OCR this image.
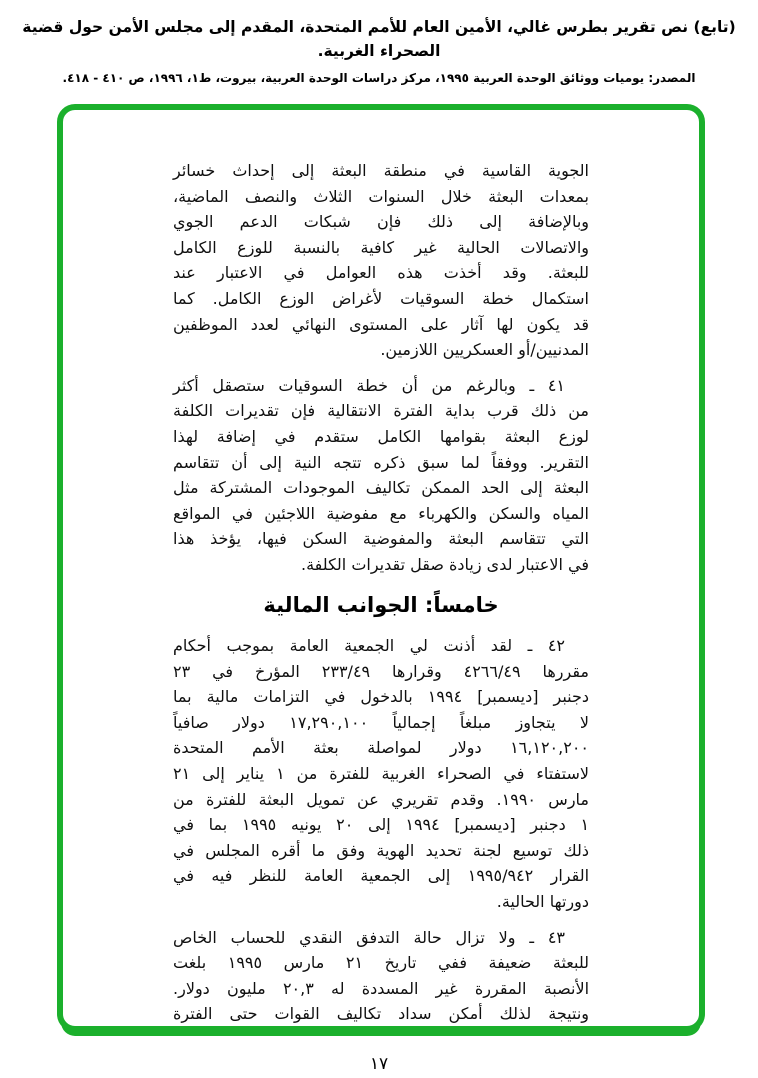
(تابع) نص تقرير بطرس غالي، الأمين العام للأمم المتحدة، المقدم إلى مجلس الأمن حول قضية الصحراء الغربية.
المصدر: يوميات ووثائق الوحدة العربية ١٩٩٥، مركز دراسات الوحدة العربية، بيروت، ط١، ١٩٩٦، ص ٤١٠ - ٤١٨.
الجوية القاسية في منطقة البعثة إلى إحداث خسائر
بمعدات البعثة خلال السنوات الثلاث والنصف الماضية،
وبالإضافة إلى ذلك فإن شبكات الدعم الجوي
والاتصالات الحالية غير كافية بالنسبة للوزع الكامل
للبعثة. وقد أخذت هذه العوامل في الاعتبار عند
استكمال خطة السوقيات لأغراض الوزع الكامل. كما
قد يكون لها آثار على المستوى النهائي لعدد الموظفين
المدنيين/أو العسكريين اللازمين.
٤١ ـ وبالرغم من أن خطة السوقيات ستصقل أكثر
من ذلك قرب بداية الفترة الانتقالية فإن تقديرات الكلفة
لوزع البعثة بقوامها الكامل ستقدم في إضافة لهذا
التقرير. ووفقاً لما سبق ذكره تتجه النية إلى أن تتقاسم
البعثة إلى الحد الممكن تكاليف الموجودات المشتركة مثل
المياه والسكن والكهرباء مع مفوضية اللاجئين في المواقع
التي تتقاسم البعثة والمفوضية السكن فيها، يؤخذ هذا
في الاعتبار لدى زيادة صقل تقديرات الكلفة.
خامساً: الجوانب المالية
٤٢ ـ لقد أذنت لي الجمعية العامة بموجب أحكام
مقررها ٤٢٦٦/٤٩ وقرارها ٢٣٣/٤٩ المؤرخ في ٢٣
دجنبر [ديسمبر] ١٩٩٤ بالدخول في التزامات مالية بما
لا يتجاوز مبلغاً إجمالياً ١٧,٢٩٠,١٠٠ دولار صافياً
١٦,١٢٠,٢٠٠ دولار لمواصلة بعثة الأمم المتحدة
لاستفتاء في الصحراء الغربية للفترة من ١ يناير إلى ٢١
مارس ١٩٩٠. وقدم تقريري عن تمويل البعثة للفترة من
١ دجنبر [ديسمبر] ١٩٩٤ إلى ٢٠ يونيه ١٩٩٥ بما في
ذلك توسيع لجنة تحديد الهوية وفق ما أقره المجلس في
القرار ١٩٩٥/٩٤٢ إلى الجمعية العامة للنظر فيه في
دورتها الحالية.
٤٣ ـ ولا تزال حالة التدفق النقدي للحساب الخاص
للبعثة ضعيفة ففي تاريخ ٢١ مارس ١٩٩٥ بلغت
الأنصبة المقررة غير المسددة له ٢٠,٣ مليون دولار.
ونتيجة لذلك أمكن سداد تكاليف القوات حتى الفترة
١٧
